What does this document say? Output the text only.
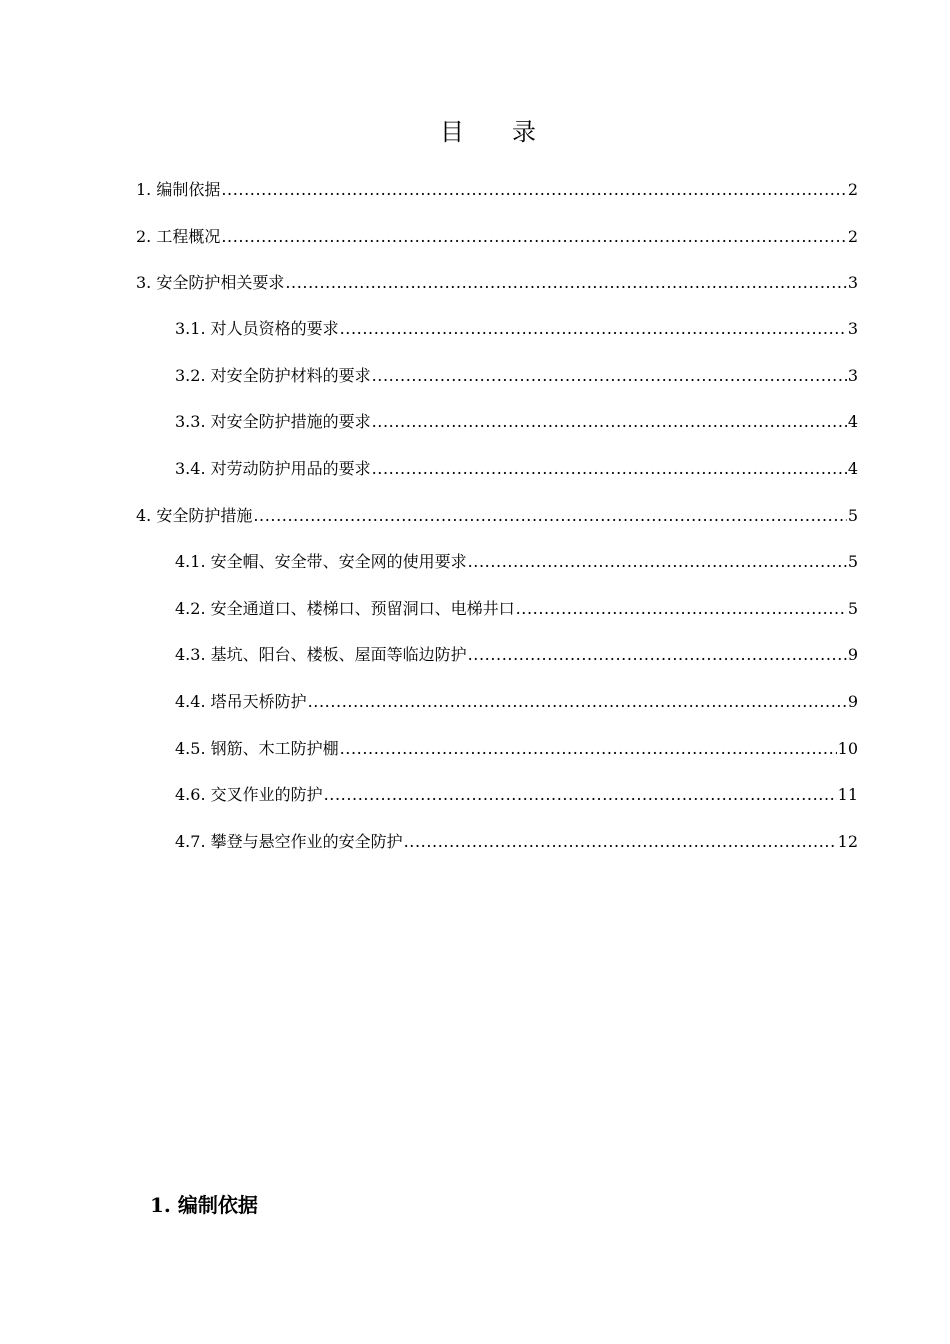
目 录
1. 编制依据 .....	2
2. 工程概况 .....	2
3. 安全防护相关要求 .....	3
3.1. 对人员资格的要求 .....	3
3.2. 对安全防护材料的要求 .....	3
3.3. 对安全防护措施的要求 .....	4
3.4. 对劳动防护用品的要求 .....	4
4. 安全防护措施 .....	5
4.1. 安全帽、安全带、安全网的使用要求 .....	5
4.2. 安全通道口、楼梯口、预留洞口、电梯井口 .....	5
4.3. 基坑、阳台、楼板、屋面等临边防护 .....	9
4.4. 塔吊天桥防护 .....	9
4.5. 钢筋、木工防护棚 .....	10
4.6. 交叉作业的防护 .....	11
4.7. 攀登与悬空作业的安全防护 .....	12
1. 编制依据
